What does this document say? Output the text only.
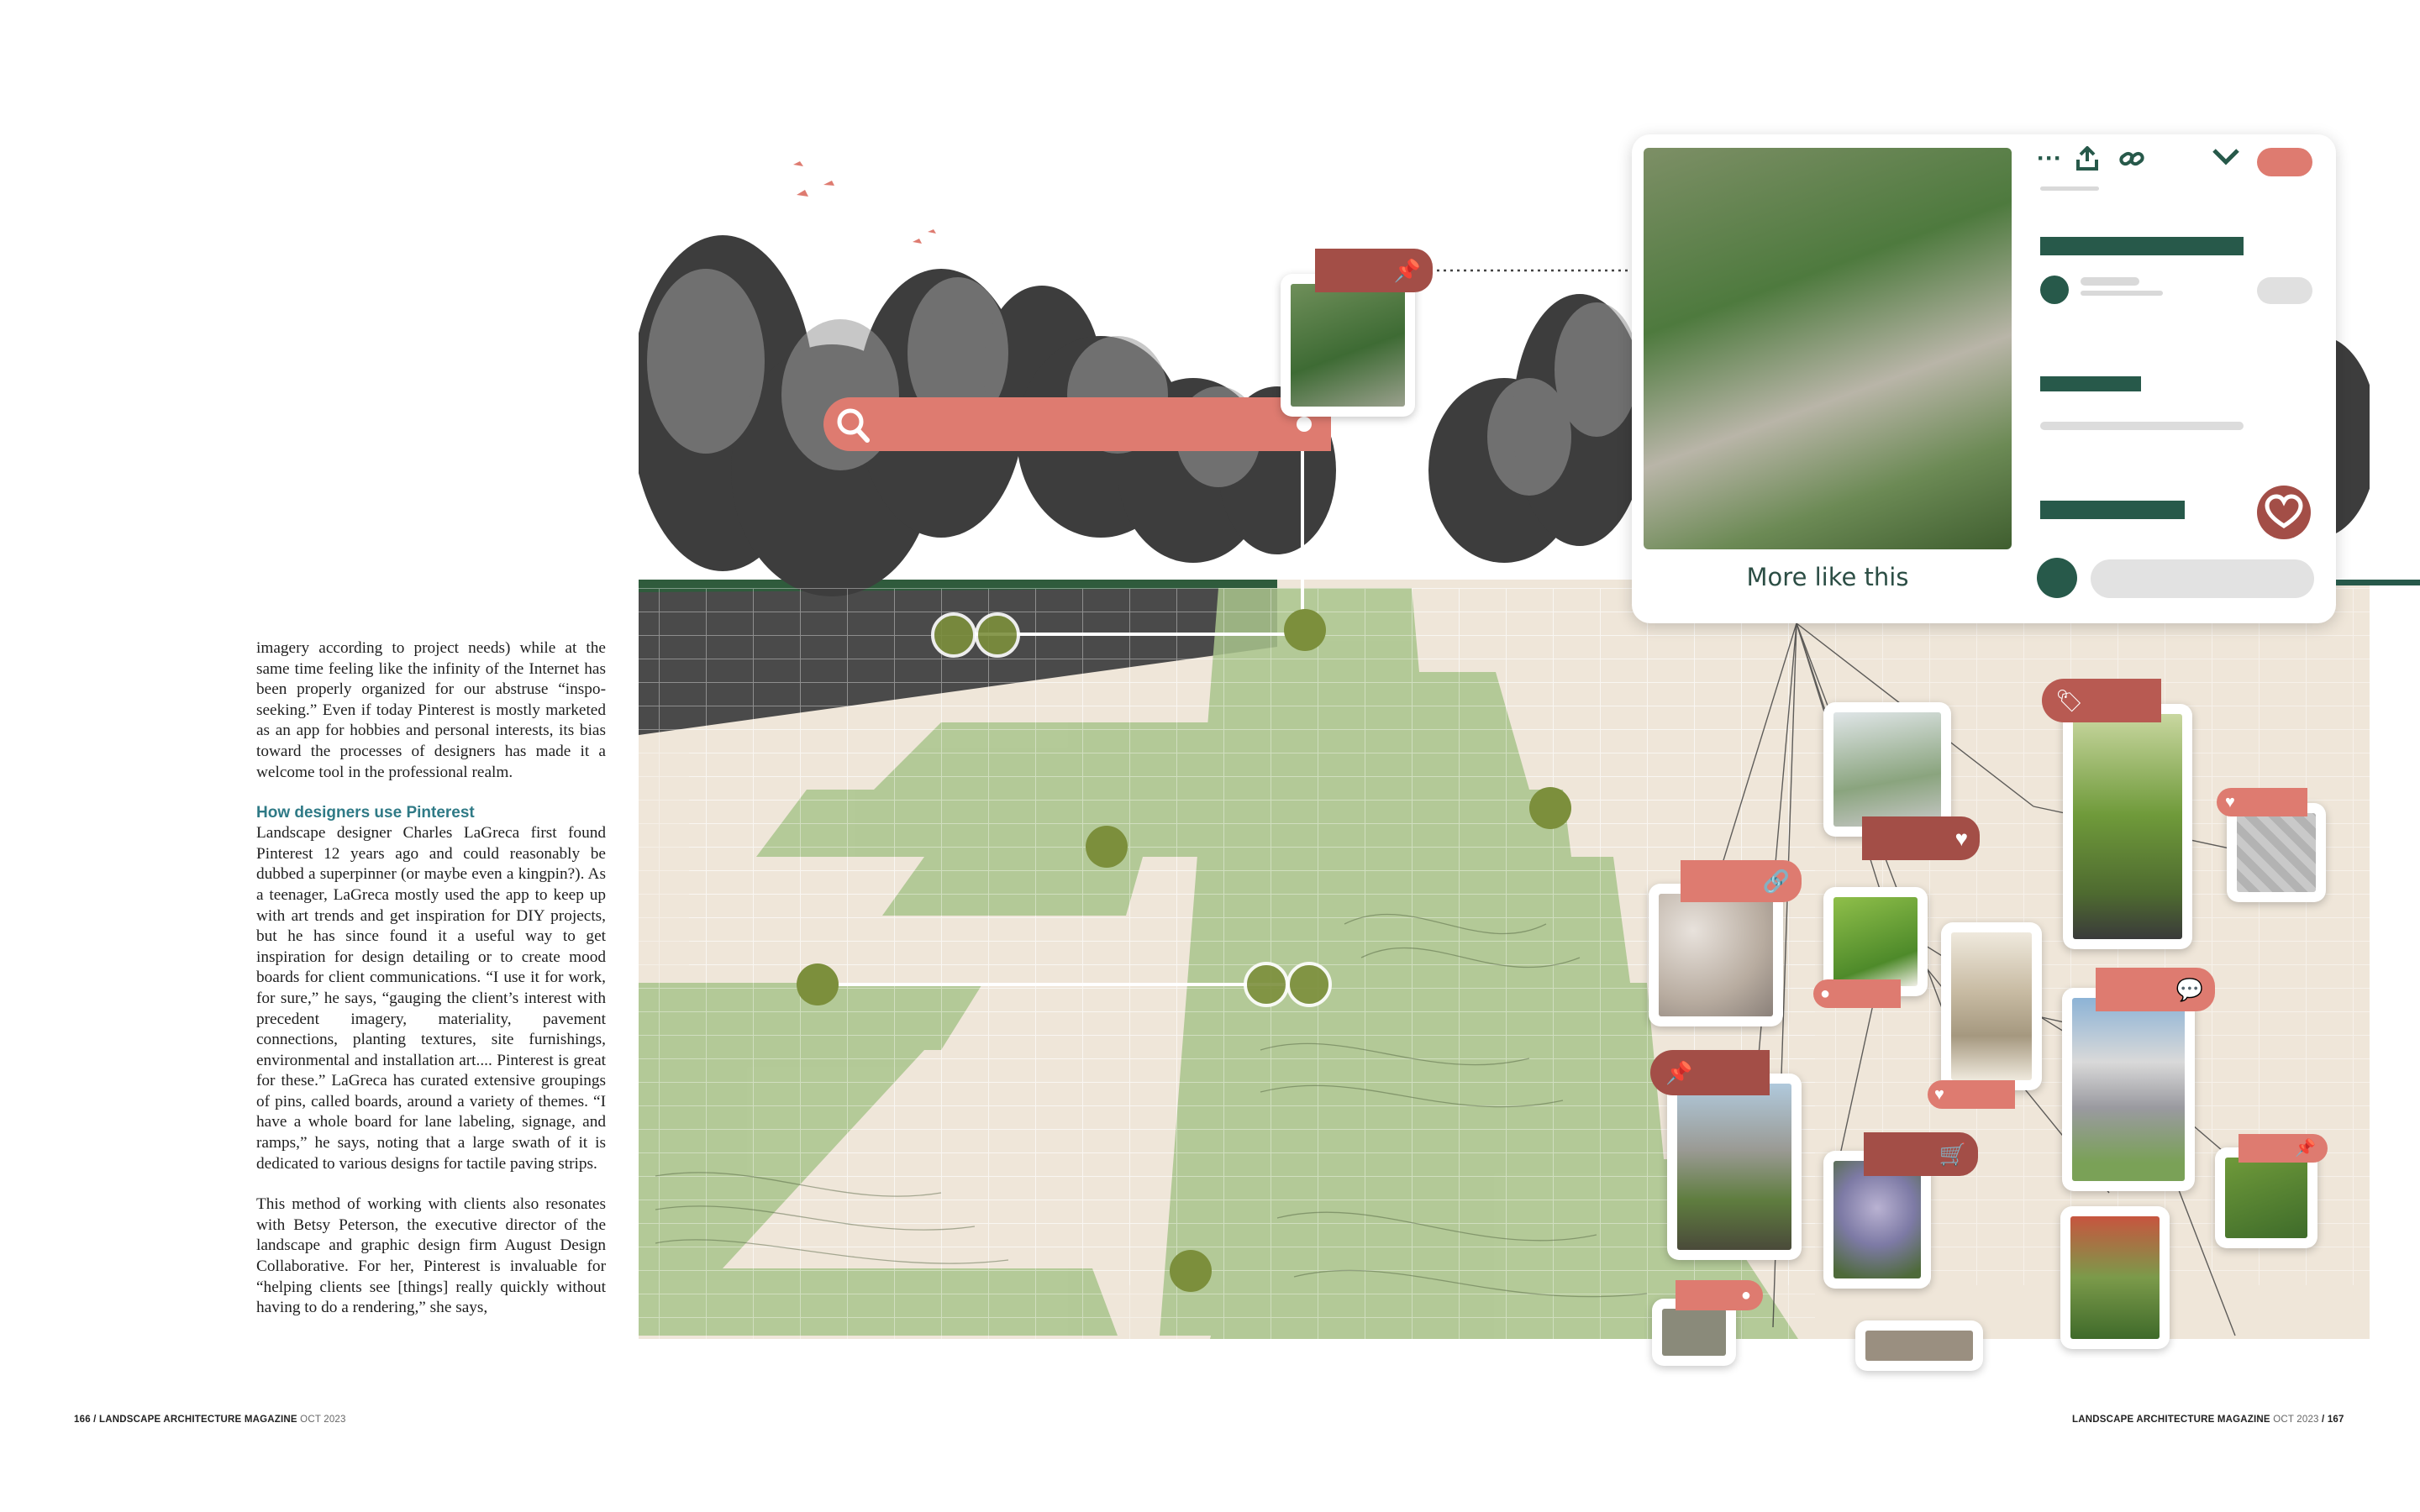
imagery according to project needs) while at the same time feeling like the infinity of the Internet has been properly organized for our abstruse “inspo-seeking.” Even if today Pinterest is mostly marketed as an app for hobbies and personal interests, its bias toward the processes of designers has made it a welcome tool in the professional realm.

How designers use Pinterest

Landscape designer Charles LaGreca first found Pinterest 12 years ago and could reasonably be dubbed a superpinner (or maybe even a kingpin?). As a teenager, LaGreca mostly used the app to keep up with art trends and get inspiration for DIY projects, but he has since found it a useful way to get inspiration for design detailing or to create mood boards for client communications. “I use it for work, for sure,” he says, “gauging the client’s interest with precedent imagery, materiality, pavement connections, planting textures, site furnishings, environmental and installation art.... Pinterest is great for these.” LaGreca has curated extensive groupings of pins, called boards, around a variety of themes. “I have a whole board for lane labeling, signage, and ramps,” he says, noting that a large swath of it is dedicated to various designs for tactile paving strips.

This method of working with clients also resonates with Betsy Peterson, the executive director of the landscape and graphic design firm August Design Collaborative. For her, Pinterest is invaluable for “helping clients see [things] really quickly without having to do a rendering,” she says,

166 / LANDSCAPE ARCHITECTURE MAGAZINE OCT 2023	LANDSCAPE ARCHITECTURE MAGAZINE OCT 2023 / 167
📌
More like this
···
🏷
♥
🔗
♥
●	💬
📌
♥
🛒	📌
●
